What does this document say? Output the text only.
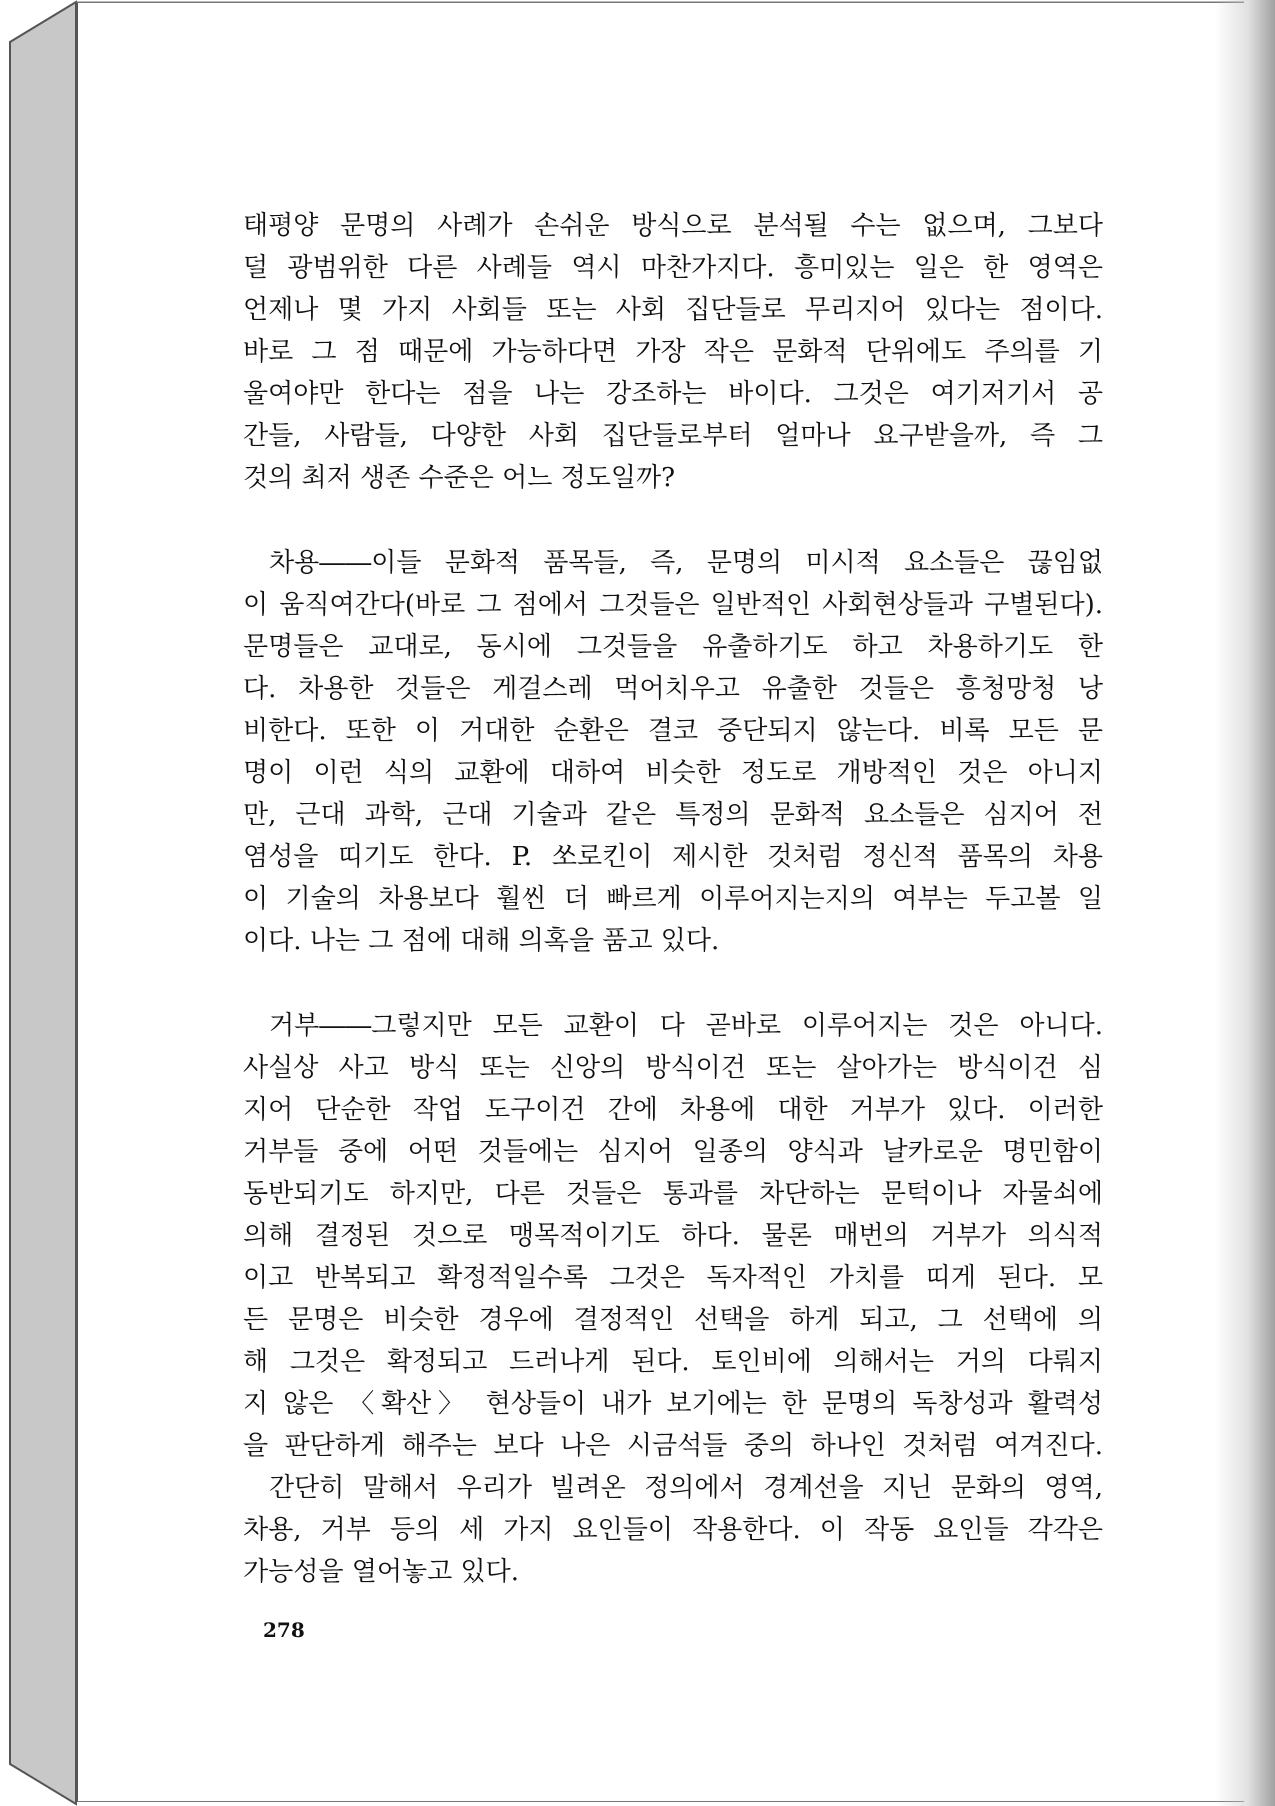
태평양 문명의 사례가 손쉬운 방식으로 분석될 수는 없으며, 그보다
덜 광범위한 다른 사례들 역시 마찬가지다. 흥미있는 일은 한 영역은
언제나 몇 가지 사회들 또는 사회 집단들로 무리지어 있다는 점이다.
바로 그 점 때문에 가능하다면 가장 작은 문화적 단위에도 주의를 기
울여야만 한다는 점을 나는 강조하는 바이다. 그것은 여기저기서 공
간들, 사람들, 다양한 사회 집단들로부터 얼마나 요구받을까, 즉 그
것의 최저 생존 수준은 어느 정도일까?
차용――이들 문화적 품목들, 즉, 문명의 미시적 요소들은 끊임없
이 움직여간다(바로 그 점에서 그것들은 일반적인 사회현상들과 구별된다).
문명들은 교대로, 동시에 그것들을 유출하기도 하고 차용하기도 한
다. 차용한 것들은 게걸스레 먹어치우고 유출한 것들은 흥청망청 낭
비한다. 또한 이 거대한 순환은 결코 중단되지 않는다. 비록 모든 문
명이 이런 식의 교환에 대하여 비슷한 정도로 개방적인 것은 아니지
만, 근대 과학, 근대 기술과 같은 특정의 문화적 요소들은 심지어 전
염성을 띠기도 한다. P. 쏘로킨이 제시한 것처럼 정신적 품목의 차용
이 기술의 차용보다 훨씬 더 빠르게 이루어지는지의 여부는 두고볼 일
이다. 나는 그 점에 대해 의혹을 품고 있다.
거부――그렇지만 모든 교환이 다 곧바로 이루어지는 것은 아니다.
사실상 사고 방식 또는 신앙의 방식이건 또는 살아가는 방식이건 심
지어 단순한 작업 도구이건 간에 차용에 대한 거부가 있다. 이러한
거부들 중에 어떤 것들에는 심지어 일종의 양식과 날카로운 명민함이
동반되기도 하지만, 다른 것들은 통과를 차단하는 문턱이나 자물쇠에
의해 결정된 것으로 맹목적이기도 하다. 물론 매번의 거부가 의식적
이고 반복되고 확정적일수록 그것은 독자적인 가치를 띠게 된다. 모
든 문명은 비슷한 경우에 결정적인 선택을 하게 되고, 그 선택에 의
해 그것은 확정되고 드러나게 된다. 토인비에 의해서는 거의 다뤄지
지 않은 〈확산〉 현상들이 내가 보기에는 한 문명의 독창성과 활력성
을 판단하게 해주는 보다 나은 시금석들 중의 하나인 것처럼 여겨진다.
간단히 말해서 우리가 빌려온 정의에서 경계선을 지닌 문화의 영역,
차용, 거부 등의 세 가지 요인들이 작용한다. 이 작동 요인들 각각은
가능성을 열어놓고 있다.
278
